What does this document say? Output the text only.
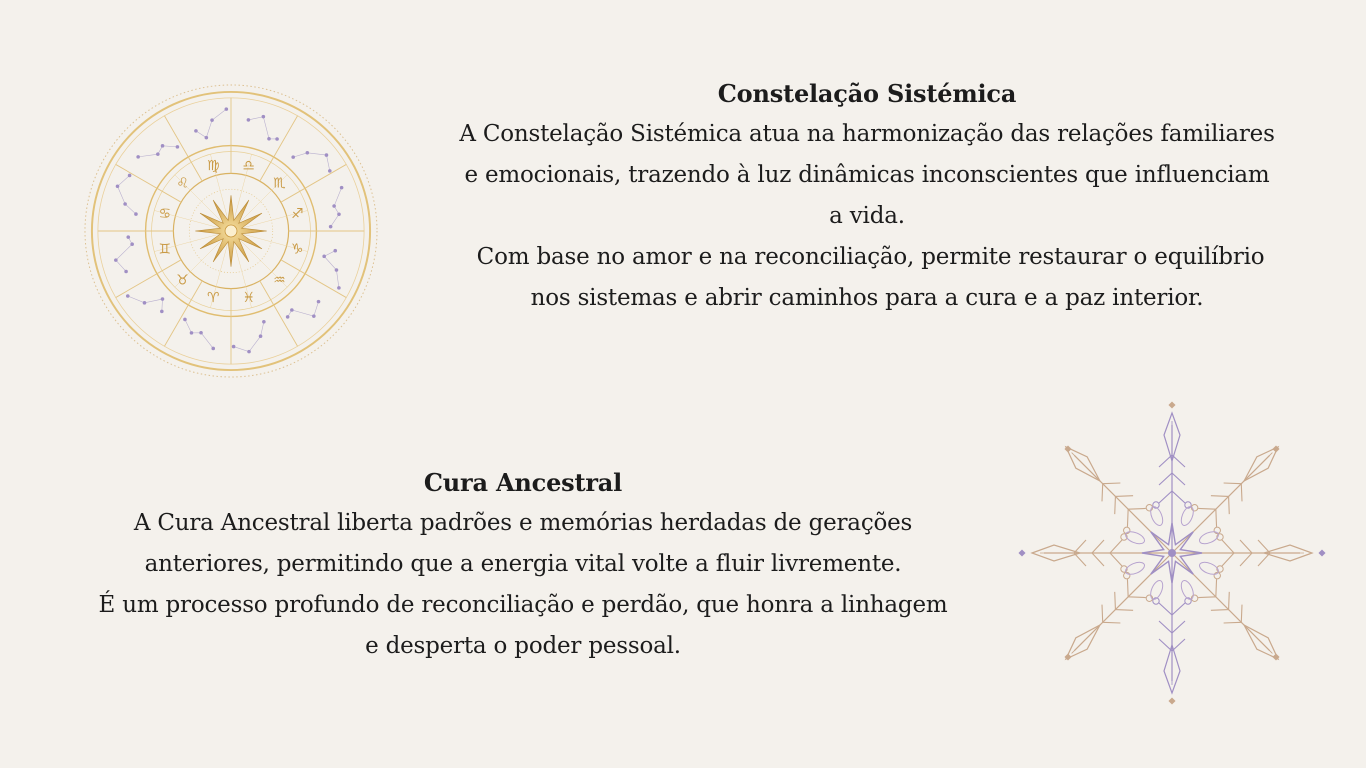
♈
♉
♊
♋
♌
♍ ♎
♏
♐
♑
♒
♓
Constelação Sistémica

A Constelação Sistémica atua na harmonização das relações familiares

e emocionais, trazendo à luz dinâmicas inconscientes que influenciam

a vida.

Com base no amor e na reconciliação, permite restaurar o equilíbrio

nos sistemas e abrir caminhos para a cura e a paz interior.

Cura Ancestral

A Cura Ancestral liberta padrões e memórias herdadas de gerações

anteriores, permitindo que a energia vital volte a fluir livremente.

É um processo profundo de reconciliação e perdão, que honra a linhagem

e desperta o poder pessoal.
